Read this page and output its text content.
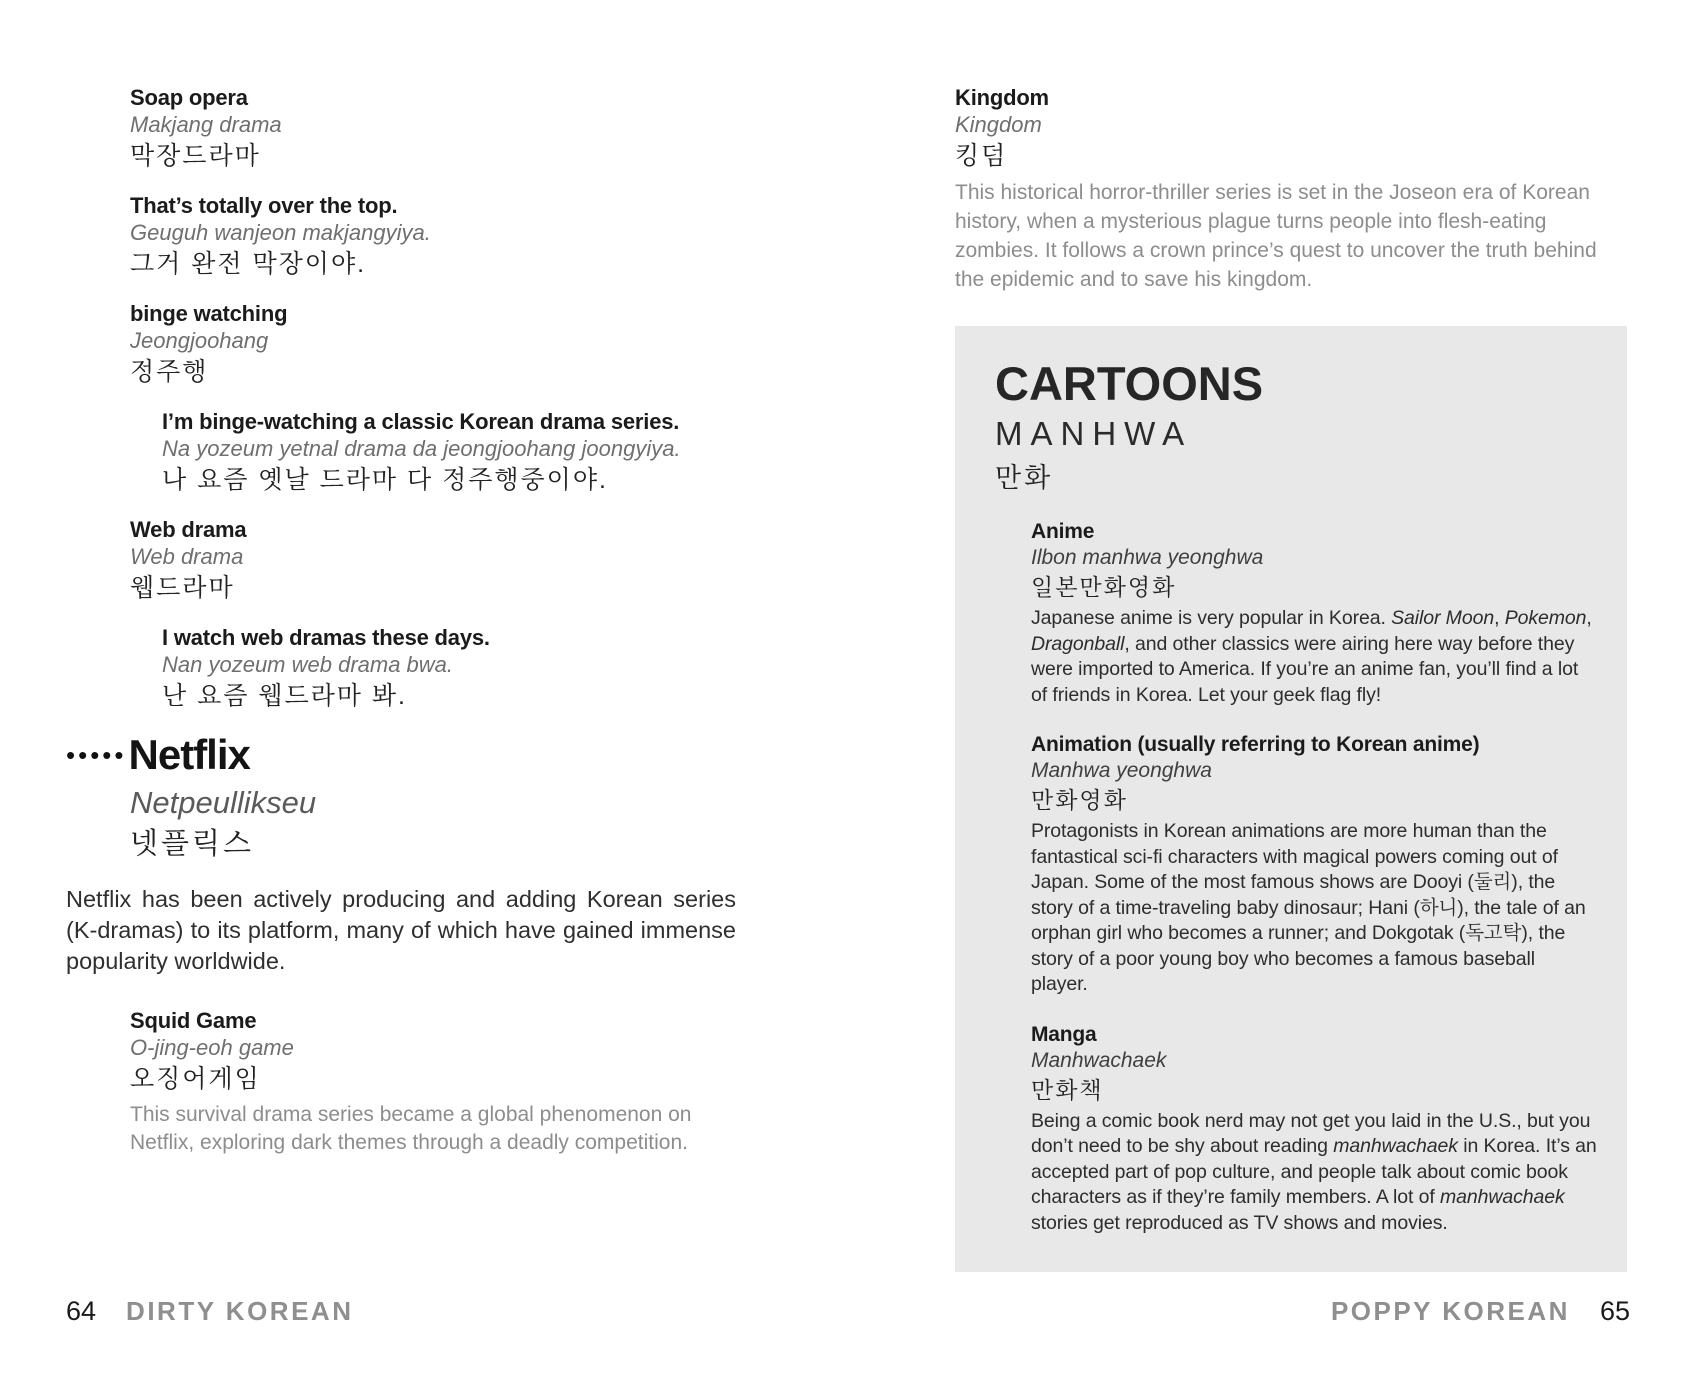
Soap opera
Makjang drama
막장드라마
That’s totally over the top.
Geuguh wanjeon makjangyiya.
그거 완전 막장이야.
binge watching
Jeongjoohang
정주행
I’m binge-watching a classic Korean drama series.
Na yozeum yetnal drama da jeongjoohang joongyiya.
나 요즘 옛날 드라마 다 정주행중이야.
Web drama
Web drama
웹드라마
I watch web dramas these days.
Nan yozeum web drama bwa.
난 요즘 웹드라마 봐.
••••• Netflix
Netpeullikseu
넷플릭스
Netflix has been actively producing and adding Korean series (K-dramas) to its platform, many of which have gained immense popularity worldwide.
Squid Game
O-jing-eoh game
오징어게임
This survival drama series became a global phenomenon on Netflix, exploring dark themes through a deadly competition.
Kingdom
Kingdom
킹덤
This historical horror-thriller series is set in the Joseon era of Korean history, when a mysterious plague turns people into flesh-eating zombies. It follows a crown prince’s quest to uncover the truth behind the epidemic and to save his kingdom.
CARTOONS
MANHWA
만화
Anime
Ilbon manhwa yeonghwa
일본만화영화
Japanese anime is very popular in Korea. Sailor Moon, Pokemon, Dragonball, and other classics were airing here way before they were imported to America. If you’re an anime fan, you’ll find a lot of friends in Korea. Let your geek flag fly!
Animation (usually referring to Korean anime)
Manhwa yeonghwa
만화영화
Protagonists in Korean animations are more human than the fantastical sci-fi characters with magical powers coming out of Japan. Some of the most famous shows are Dooyi (둘리), the story of a time-traveling baby dinosaur; Hani (하니), the tale of an orphan girl who becomes a runner; and Dokgotak (독고탁), the story of a poor young boy who becomes a famous baseball player.
Manga
Manhwachaek
만화책
Being a comic book nerd may not get you laid in the U.S., but you don’t need to be shy about reading manhwachaek in Korea. It’s an accepted part of pop culture, and people talk about comic book characters as if they’re family members. A lot of manhwachaek stories get reproduced as TV shows and movies.
64 DIRTY KOREAN	POPPY KOREAN 65
